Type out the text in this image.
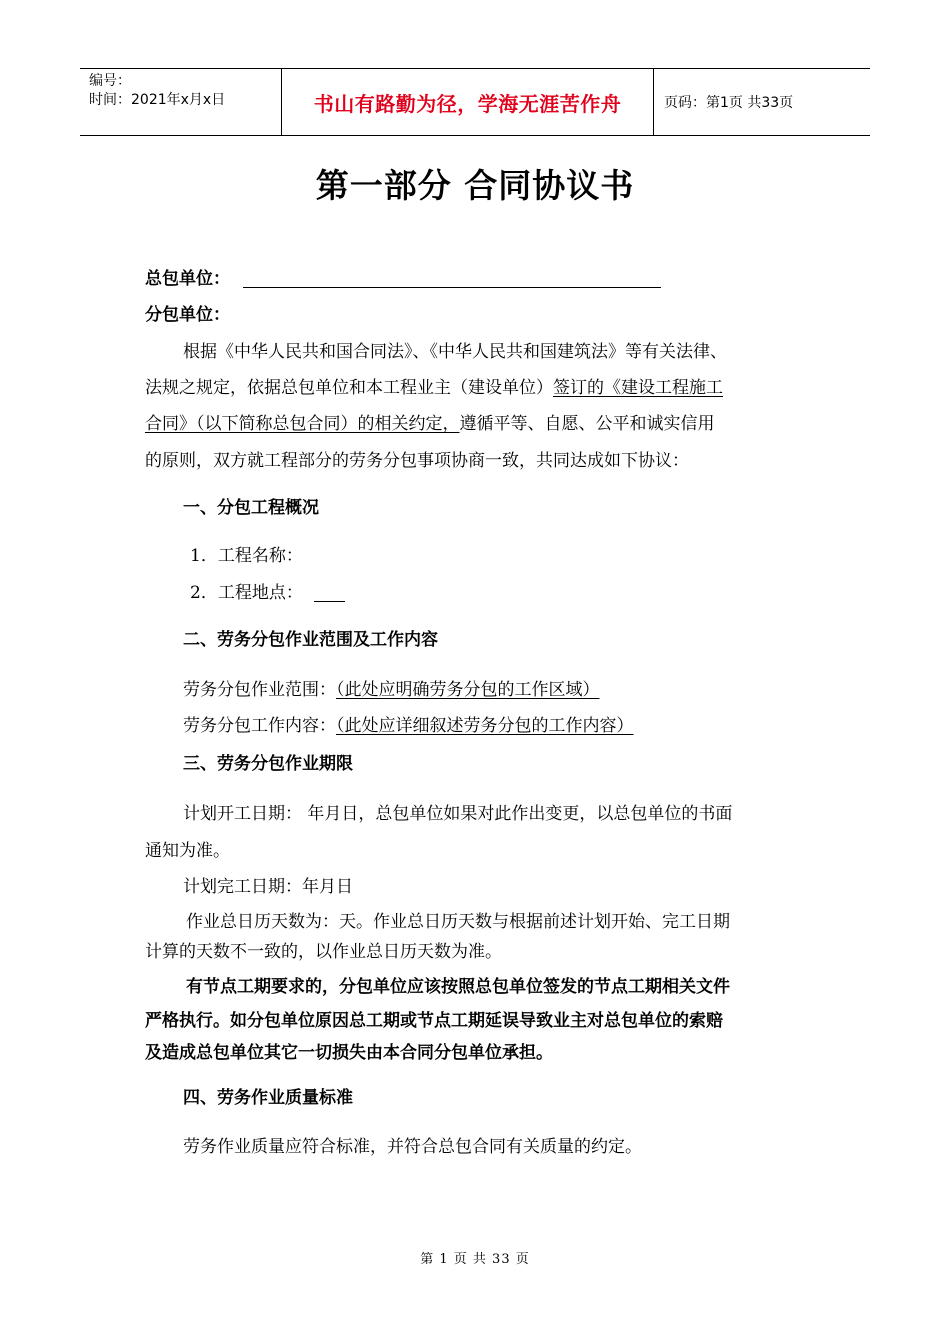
编号：
时间：2021年x月x日	书山有路勤为径，学海无涯苦作舟	页码：第1页 共33页
第一部分 合同协议书
总包单位：
分包单位：
根据《中华人民共和国合同法》、《中华人民共和国建筑法》等有关法律、
法规之规定，依据总包单位和本工程业主（建设单位）签订的《建设工程施工
合同》（以下简称总包合同）的相关约定，遵循平等、自愿、公平和诚实信用
的原则，双方就工程部分的劳务分包事项协商一致，共同达成如下协议：
一、分包工程概况
1．工程名称：
2．工程地点：
二、劳务分包作业范围及工作内容
劳务分包作业范围：（此处应明确劳务分包的工作区域）
劳务分包工作内容：（此处应详细叙述劳务分包的工作内容）
三、劳务分包作业期限
计划开工日期： 年月日，总包单位如果对此作出变更，以总包单位的书面
通知为准。
计划完工日期：年月日
作业总日历天数为：天。作业总日历天数与根据前述计划开始、完工日期
计算的天数不一致的，以作业总日历天数为准。
有节点工期要求的，分包单位应该按照总包单位签发的节点工期相关文件
严格执行。如分包单位原因总工期或节点工期延误导致业主对总包单位的索赔
及造成总包单位其它一切损失由本合同分包单位承担。
四、劳务作业质量标准
劳务作业质量应符合标准，并符合总包合同有关质量的约定。
第 1 页 共 33 页
